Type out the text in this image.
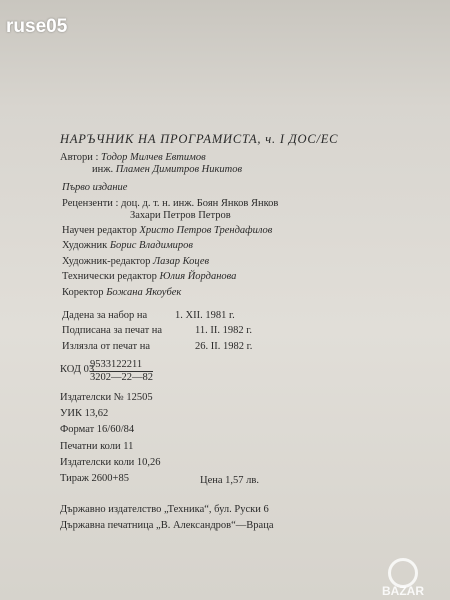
ruse05
НАРЪЧНИК НА ПРОГРАМИСТА, ч. I ДОС/ЕС
Автори : Тодор Милчев Евтимов
инж. Пламен Димитров Никитов
Първо издание
Рецензенти : доц. д. т. н. инж. Боян Янков Янков
Захари Петров Петров
Научен редактор Христо Петров Трендафилов
Художник Борис Владимиров
Художник-редактор Лазар Коцев
Технически редактор Юлия Йорданова
Коректор Божана Якоубек
Дадена за набор на	1. XII. 1981 г.
Подписана за печат на	11. II. 1982 г.
Излязла от печат на	26. II. 1982 г.
КОД 03
9533122211
3202—22—82
Издателски № 12505
УИК 13,62
Формат 16/60/84
Печатни коли 11
Издателски коли 10,26
Тираж 2600+85	Цена 1,57 лв.
Държавно издателство „Техника“, бул. Руски 6
Държавна печатница „В. Александров“—Враца
BAZAR
